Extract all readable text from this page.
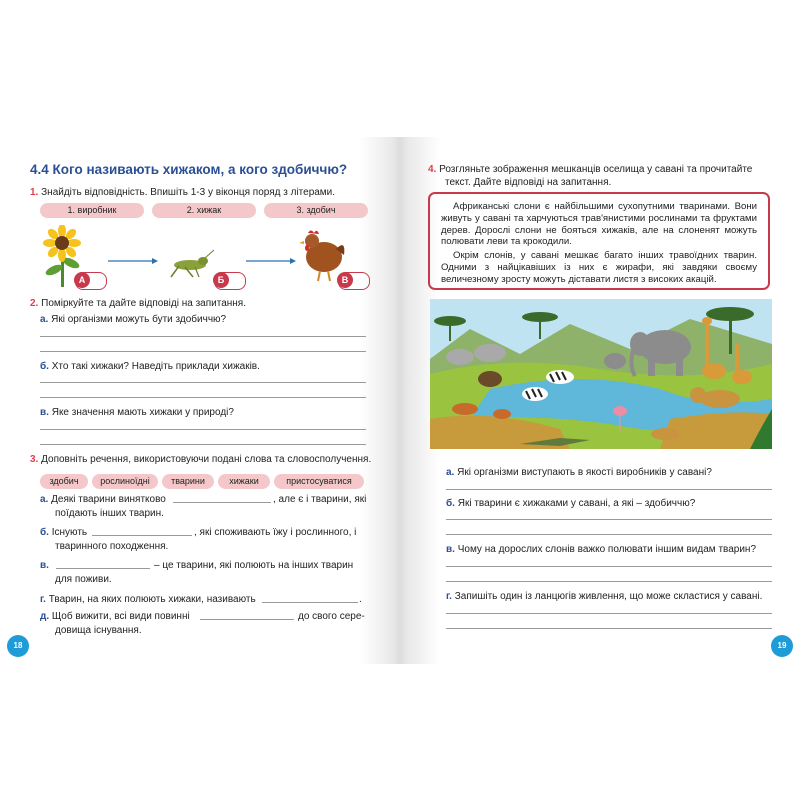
4.4 Кого називають хижаком, а кого здобиччю?
1. Знайдіть відповідність. Впишіть 1-3 у віконця поряд з літерами.
1. виробник	2. хижак	3. здобич
А	Б	В
2. Поміркуйте та дайте відповіді на запитання.
а. Які організми можуть бути здобиччю?
б. Хто такі хижаки? Наведіть приклади хижаків.
в. Яке значення мають хижаки у природі?
3. Доповніть речення, використовуючи подані слова та словосполучення.
здобич	рослиноїдні	тварини	хижаки	пристосуватися
а. Деякі тварини винятково	, але є і тварини, які
поїдають інших тварин.
б. Існують	, які споживають їжу і рослинного, і
тваринного походження.
в.	– це тварини, які полюють на інших тварин
для поживи.
г. Тварин, на яких полюють хижаки, називають	.
д. Щоб вижити, всі види повинні	до свого сере-
довища існування.
18
4. Розгляньте зображення мешканців оселища у савані та прочитайте
текст. Дайте відповіді на запитання.

Африканські слони є найбільшими сухопутними тваринами. Вони живуть у савані та харчуються трав'янистими рослинами та фруктами дерев. Дорослі слони не бояться хижаків, але на слоненят можуть полювати леви та крокодили.

Окрім слонів, у савані мешкає багато інших травоїдних тварин. Одними з найцікавіших із них є жирафи, які завдяки своєму величезному зросту можуть діставати листя з високих акацій.

а. Які організми виступають в якості виробників у савані?
б. Які тварини є хижаками у савані, а які – здобиччю?
в. Чому на дорослих слонів важко полювати іншим видам тварин?
г. Запишіть один із ланцюгів живлення, що може скластися у савані.
19
